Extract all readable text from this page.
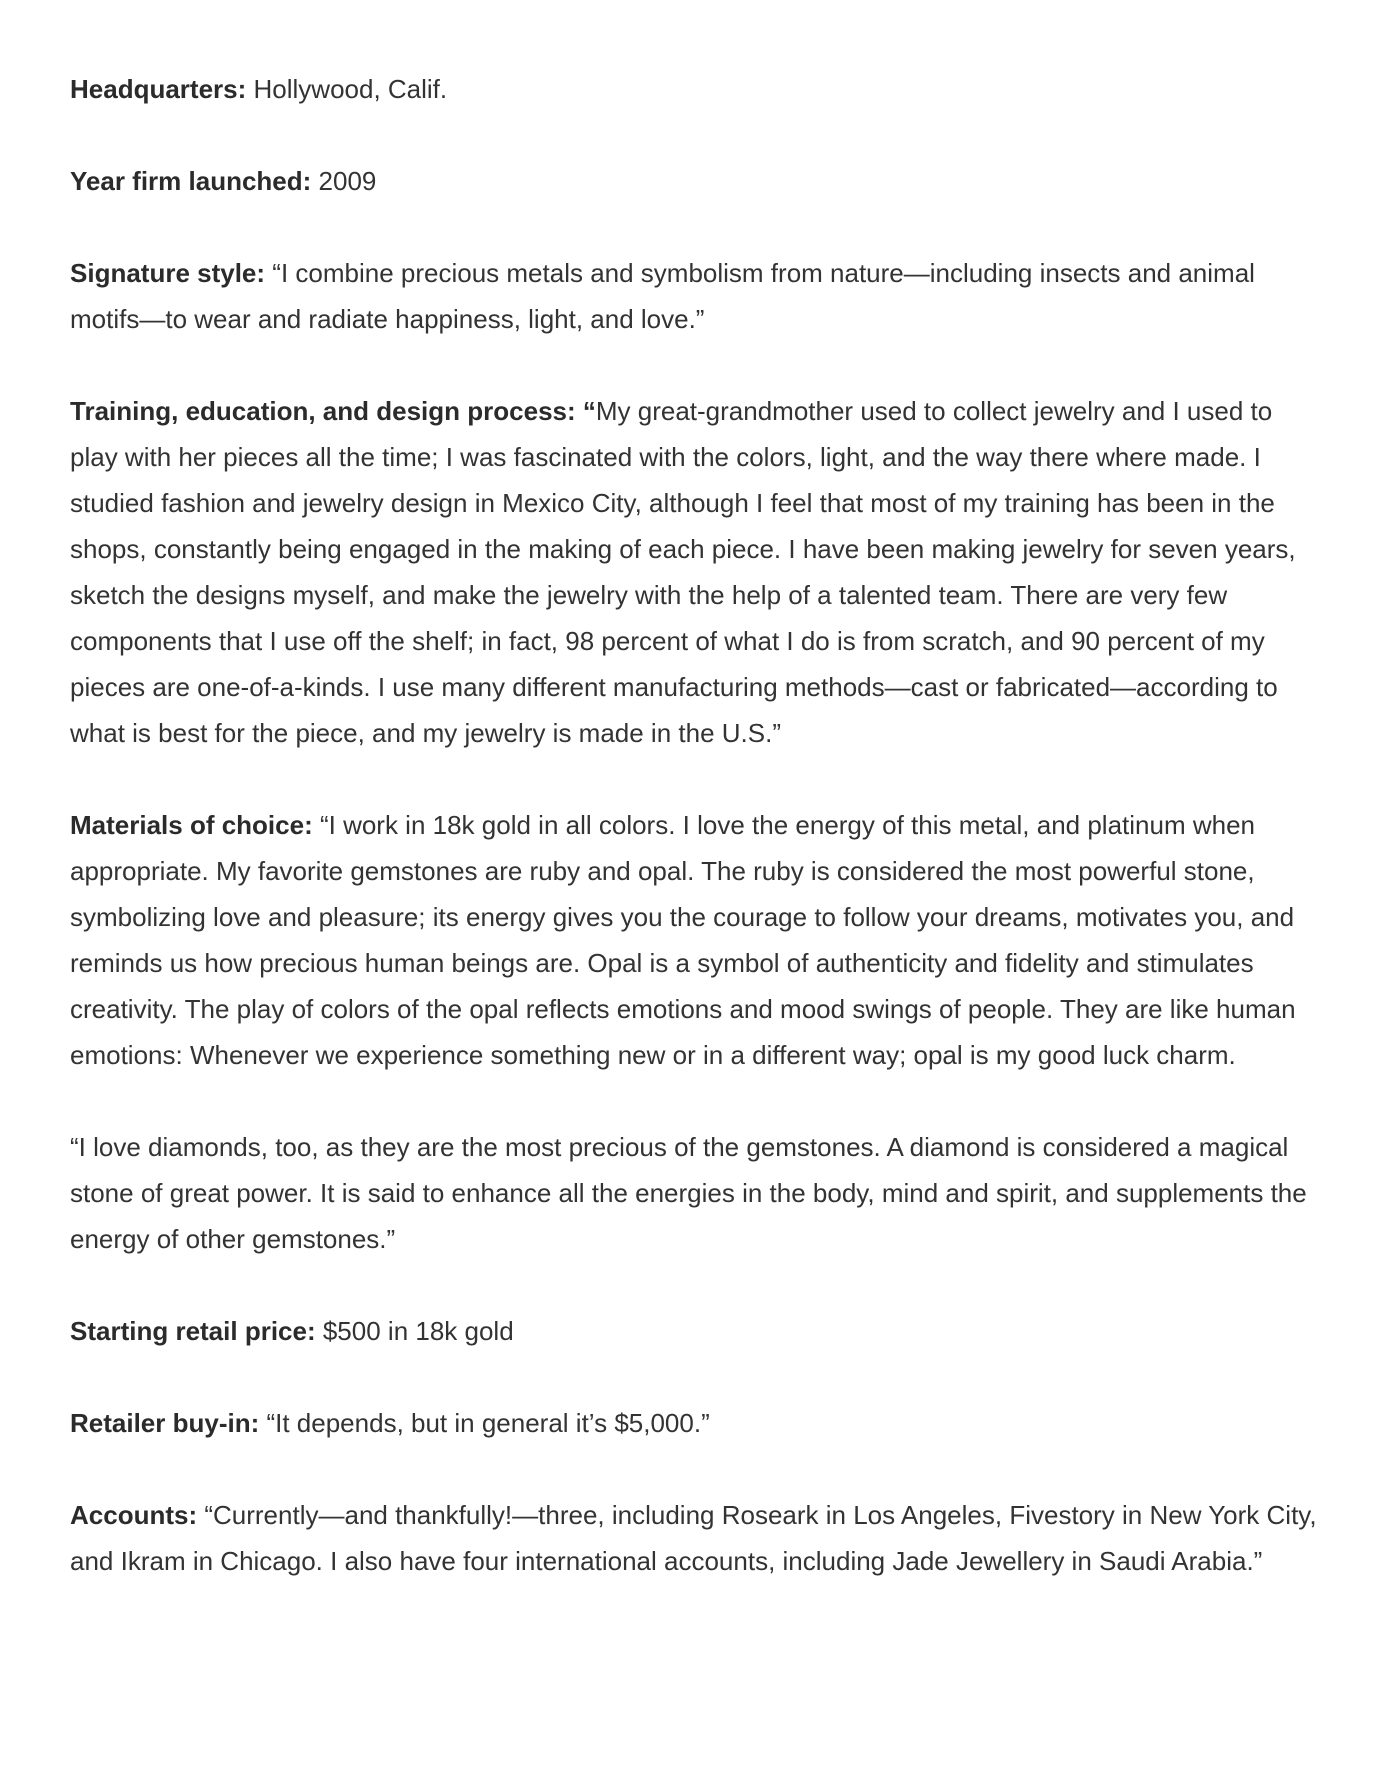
Headquarters: Hollywood, Calif.

Year firm launched: 2009

Signature style: “I combine precious metals and symbolism from nature—including insects and animal motifs—to wear and radiate happiness, light, and love.”

Training, education, and design process: “My great-grandmother used to collect jewelry and I used to play with her pieces all the time; I was fascinated with the colors, light, and the way there where made. I studied fashion and jewelry design in Mexico City, although I feel that most of my training has been in the shops, constantly being engaged in the making of each piece. I have been making jewelry for seven years, sketch the designs myself, and make the jewelry with the help of a talented team. There are very few components that I use off the shelf; in fact, 98 percent of what I do is from scratch, and 90 percent of my pieces are one-of-a-kinds. I use many different manufacturing methods—cast or fabricated—according to what is best for the piece, and my jewelry is made in the U.S.”

Materials of choice: “I work in 18k gold in all colors. I love the energy of this metal, and platinum when appropriate. My favorite gemstones are ruby and opal. The ruby is considered the most powerful stone, symbolizing love and pleasure; its energy gives you the courage to follow your dreams, motivates you, and reminds us how precious human beings are. Opal is a symbol of authenticity and fidelity and stimulates creativity. The play of colors of the opal reflects emotions and mood swings of people. They are like human emotions: Whenever we experience something new or in a different way; opal is my good luck charm.

“I love diamonds, too, as they are the most precious of the gemstones. A diamond is considered a magical stone of great power. It is said to enhance all the energies in the body, mind and spirit, and supplements the energy of other gemstones.”

Starting retail price: $500 in 18k gold

Retailer buy-in: “It depends, but in general it’s $5,000.”

Accounts: “Currently—and thankfully!—three, including Roseark in Los Angeles, Fivestory in New York City, and Ikram in Chicago. I also have four international accounts, including Jade Jewellery in Saudi Arabia.”
